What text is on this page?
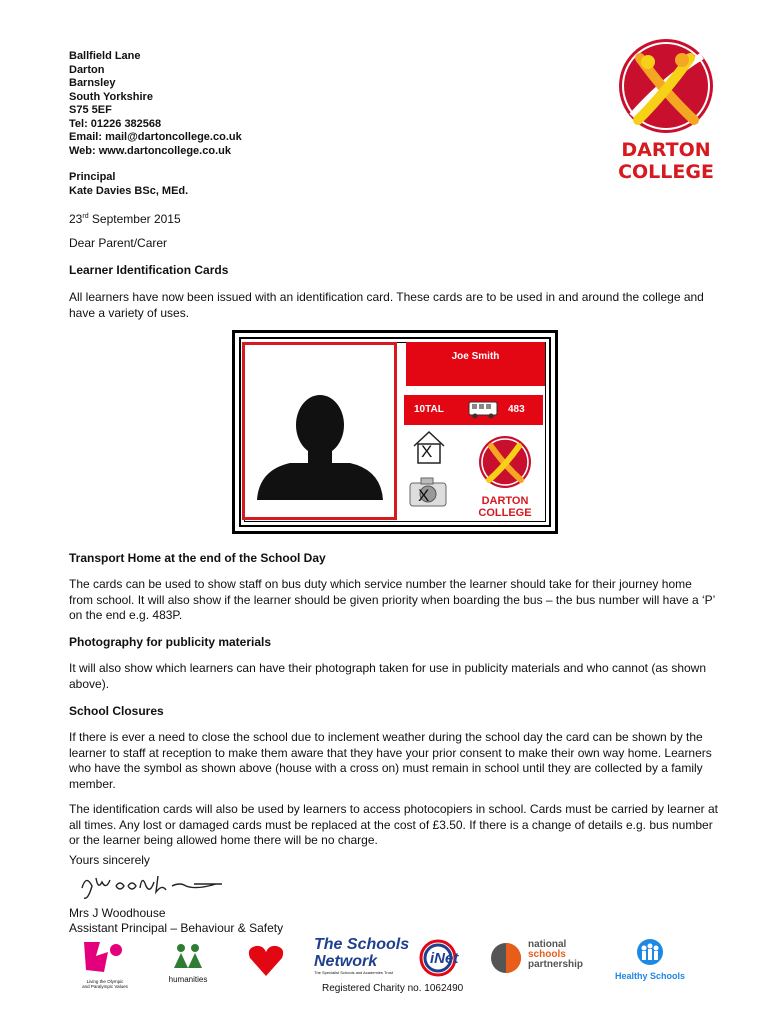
Ballfield Lane
Darton
Barnsley
South Yorkshire
S75 5EF
Tel: 01226 382568
Email: mail@dartoncollege.co.uk
Web: www.dartoncollege.co.uk
Principal
Kate Davies BSc, MEd.
DARTON
COLLEGE
23rd September 2015
Dear Parent/Carer
Learner Identification Cards
All learners have now been issued with an identification card. These cards are to be used in and around the college and have a variety of uses.
Joe Smith
10TAL	483
X
X	DARTON
COLLEGE
Transport Home at the end of the School Day
The cards can be used to show staff on bus duty which service number the learner should take for their journey home from school. It will also show if the learner should be given priority when boarding the bus – the bus number will have a ‘P’ on the end e.g. 483P.
Photography for publicity materials
It will also show which learners can have their photograph taken for use in publicity materials and who cannot (as shown above).
School Closures
If there is ever a need to close the school due to inclement weather during the school day the card can be shown by the learner to staff at reception to make them aware that they have your prior consent to make their own way home. Learners who have the symbol as shown above (house with a cross on) must remain in school until they are collected by a family member.
The identification cards will also be used by learners to access photocopiers in school. Cards must be carried by learner at all times. Any lost or damaged cards must be replaced at the cost of £3.50. If there is a change of details e.g. bus number or the learner being allowed home there will be no charge.
Yours sincerely
Mrs J Woodhouse
Assistant Principal – Behaviour & Safety
Living the Olympic
and Paralympic Values
humanities
The Schools
Network
The Specialist Schools and Academies Trust
iNet
national
schools
partnership
Healthy Schools
Registered Charity no. 1062490
